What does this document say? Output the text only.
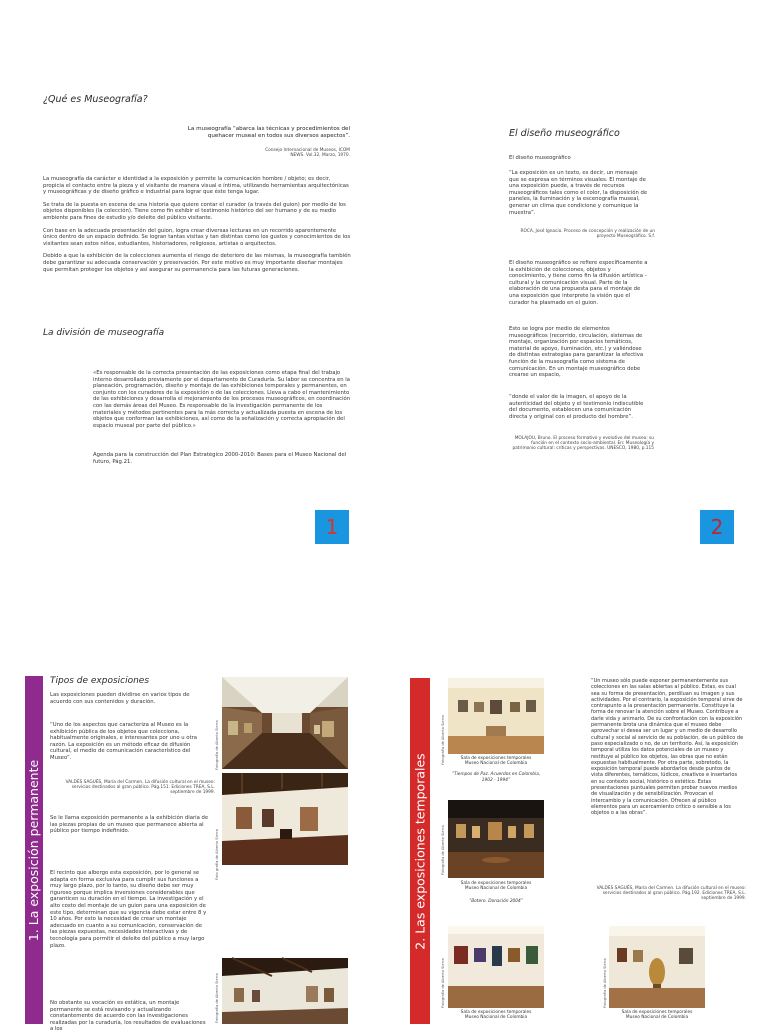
¿Qué es Museografía?
La museografía “abarca las técnicas y procedimientos del quehacer museal en todos sus diversos aspectos”.
Consejo Internacional de Museos, ICOM NEWS. Vol.32, Marzo, 1970.

La museografía da carácter e identidad a la exposición y permite la comunicación hombre / objeto; es decir, propicia el contacto entre la pieza y el visitante de manera visual e íntima, utilizando herramientas arquitectónicas y museográficas y de diseño gráfico e industrial para lograr que éste tenga lugar.

Se trata de la puesta en escena de una historia que quiere contar el curador (a través del guion) por medio de los objetos disponibles (la colección). Tiene como fin exhibir el testimonio histórico del ser humano y de su medio ambiente para fines de estudio y/o deleite del público visitante.

Con base en la adecuada presentación del guion, logra crear diversas lecturas en un recorrido aparentemente único dentro de un espacio definido. Se logran tantas visitas y tan distintas como los gustos y conocimientos de los visitantes sean estos niños, estudiantes, historiadores, religiosos, artistas o arquitectos.

Debido a que la exhibición de la colecciones aumenta el riesgo de deterioro de las mismas, la museografía también debe garantizar su adecuada conservación y preservación. Por este motivo es muy importante diseñar montajes que permitan proteger los objetos y así asegurar su permanencia para las futuras generaciones.

La división de museografía
«Es responsable de la correcta presentación de las exposiciones como etapa final del trabajo interno desarrollado previamente por el departamento de Curaduría. Su labor se concentra en la planeación, programación, diseño y montaje de las exhibiciones temporales y permanentes, en conjunto con los curadores de la exposición o de las colecciones. Lleva a cabo el mantenimiento de las exhibiciones y desarrolla el mejoramiento de los procesos museográficos, en coordinación con las demás áreas del Museo. Es responsable de la investigación permanente de los materiales y métodos pertinentes para la más correcta y actualizada puesta en escena de los objetos que conforman las exhibiciones, así como de la señalización y correcta apropiación del espacio museal por parte del público.»
Agenda para la construcción del Plan Estratégico 2000-2010: Bases para el Museo Nacional del futuro, Pág.21.
1
El diseño museográfico
El diseño museográfico
“La exposición es un texto, es decir, un mensaje que se expresa en términos visuales. El montaje de una exposición puede, a través de recursos museográficos tales como el color, la disposición de paneles, la iluminación y la escenografía museal, generar un clima que condicione y comunique la muestra”.
ROCA, José Ignacio. Proceso de concepción y realización de un proyecto Museográfico. S.f.
El diseño museográfico se refiere específicamente a la exhibición de colecciones, objetos y conocimiento, y tiene como fin la difusión artística - cultural y la comunicación visual. Parte de la elaboración de una propuesta para el montaje de una exposición que interprete la visión que el curador ha plasmado en el guion.
Esto se logra por medio de elementos museográficos (recorrido, circulación, sistemas de montaje, organización por espacios temáticos, material de apoyo, iluminación, etc.) y valiéndose de distintas estrategias para garantizar la efectiva función de la museografía como sistema de comunicación. En un montaje museográfico debe crearse un espacio,
“donde el valor de la imagen, el apoyo de la autenticidad del objeto y el testimonio indiscutible del documento, establecen una comunicación directa y original con el producto del hombre”.
MOLAJOU, Bruno. El proceso formativo y evolutivo del museo: su función en el contexto socio-ambiental. En: Museología y patrimonio cultural: críticas y perspectivas. UNESCO, 1980, p.115
2
1. La exposición permanente
Tipos de exposiciones
Las exposiciones pueden dividirse en varios tipos de acuerdo con sus contenidos y duración.
“Uno de los aspectos que caracteriza al Museo es la exhibición pública de los objetos que colecciona, habitualmente originales, e interesantes por uno u otra razón. La exposición es un método eficaz de difusión cultural, el medio de comunicación característico del Museo”.
VALDÉS SAGUÉS, María del Carmen. La difusión cultural en el museo: servicios destinados al gran público. Pág.151. Ediciones TREA, S.L. septiembre de 1999.
Se le llama exposición permanente a la exhibición diaria de las piezas propias de un museo que permanece abierta al público por tiempo indefinido.
El recinto que albergo esta exposición, por lo general se adapta en forma exclusiva para cumplir sus funciones a muy largo plazo, por lo tanto, su diseño debe ser muy riguroso porque implica inversiones considerables que garanticen su duración en el tiempo. La investigación y el alto costo del montaje de un guion para una exposición de este tipo, determinan que su vigencia debe estar entre 8 y 10 años. Por esto la necesidad de crear un montaje adecuado en cuanto a su comunicación, conservación de las piezas expuestas, necesidades interactivas y de tecnología para permitir el deleite del público a muy largo plazo.
No obstante su vocación es estática, un montaje permanente se está revisando y actualizando constantemente de acuerdo con las investigaciones realizadas por la curaduría, los resultados de evaluaciones a los
Fotografía de Alberto Sierra
Foto grafía de Alberto Sierra
Fotografía de Alberto Sierra
2. Las exposiciones temporales
Fotografía de Alberto Sierra	Sala de exposiciones temporales
Museo Nacional de Colombia
“Tiempos de Paz. Acuerdos en Colombia, 1902 - 1994”
Fotografía de Alberto Sierra
Sala de exposiciones temporales
Museo Nacional de Colombia
“Botero. Donación 2004”
Fotografía de Alberto Sierra
Sala de exposiciones temporales
Museo Nacional de Colombia
Fotografía de Alberto Sierra
Sala de exposiciones temporales
Museo Nacional de Colombia
“Un museo sólo puede exponer permanentemente sus colecciones en las salas abiertas al público. Estas, es cual sea su forma de presentación, perdiluan su imagen y sus actividades. Por el contrario, la exposición temporal sirve de contrapunto a la presentación permanente. Constituye la forma de renovar la atención sobre el Museo. Contribuye a darle vida y animarlo. De su confrontación con la exposición permanente brota una dinámica que el museo debe aprovechar si desea ser un lugar y un medio de desarrollo cultural y social al servicio de su población, de un público de paso especializado o no, de un territorio. Así, la exposición temporal utiliza los datos potenciales de un museo y restituye al público los objetos, las obras que no están expuestas habitualmente. Por otra parte, sobretodo, la exposición temporal puede abordarlos desde puntos de vista diferentes, temáticos, lúdicos, creativos e insertarlos en su contexto social, histórico o estético. Estas presentaciones puntuales permiten probar nuevos medios de visualización y de sensibilización. Provocan el intercambio y la comunicación. Ofrecen al público elementos para un acercamiento crítico o sensible a los objetos o a las obras”.
VALDÉS SAGUÉS, María del Carmen. La difusión cultural en el museo: servicios destinados al gran público. Pág.192. Ediciones TREA, S.L. septiembre de 1999.
